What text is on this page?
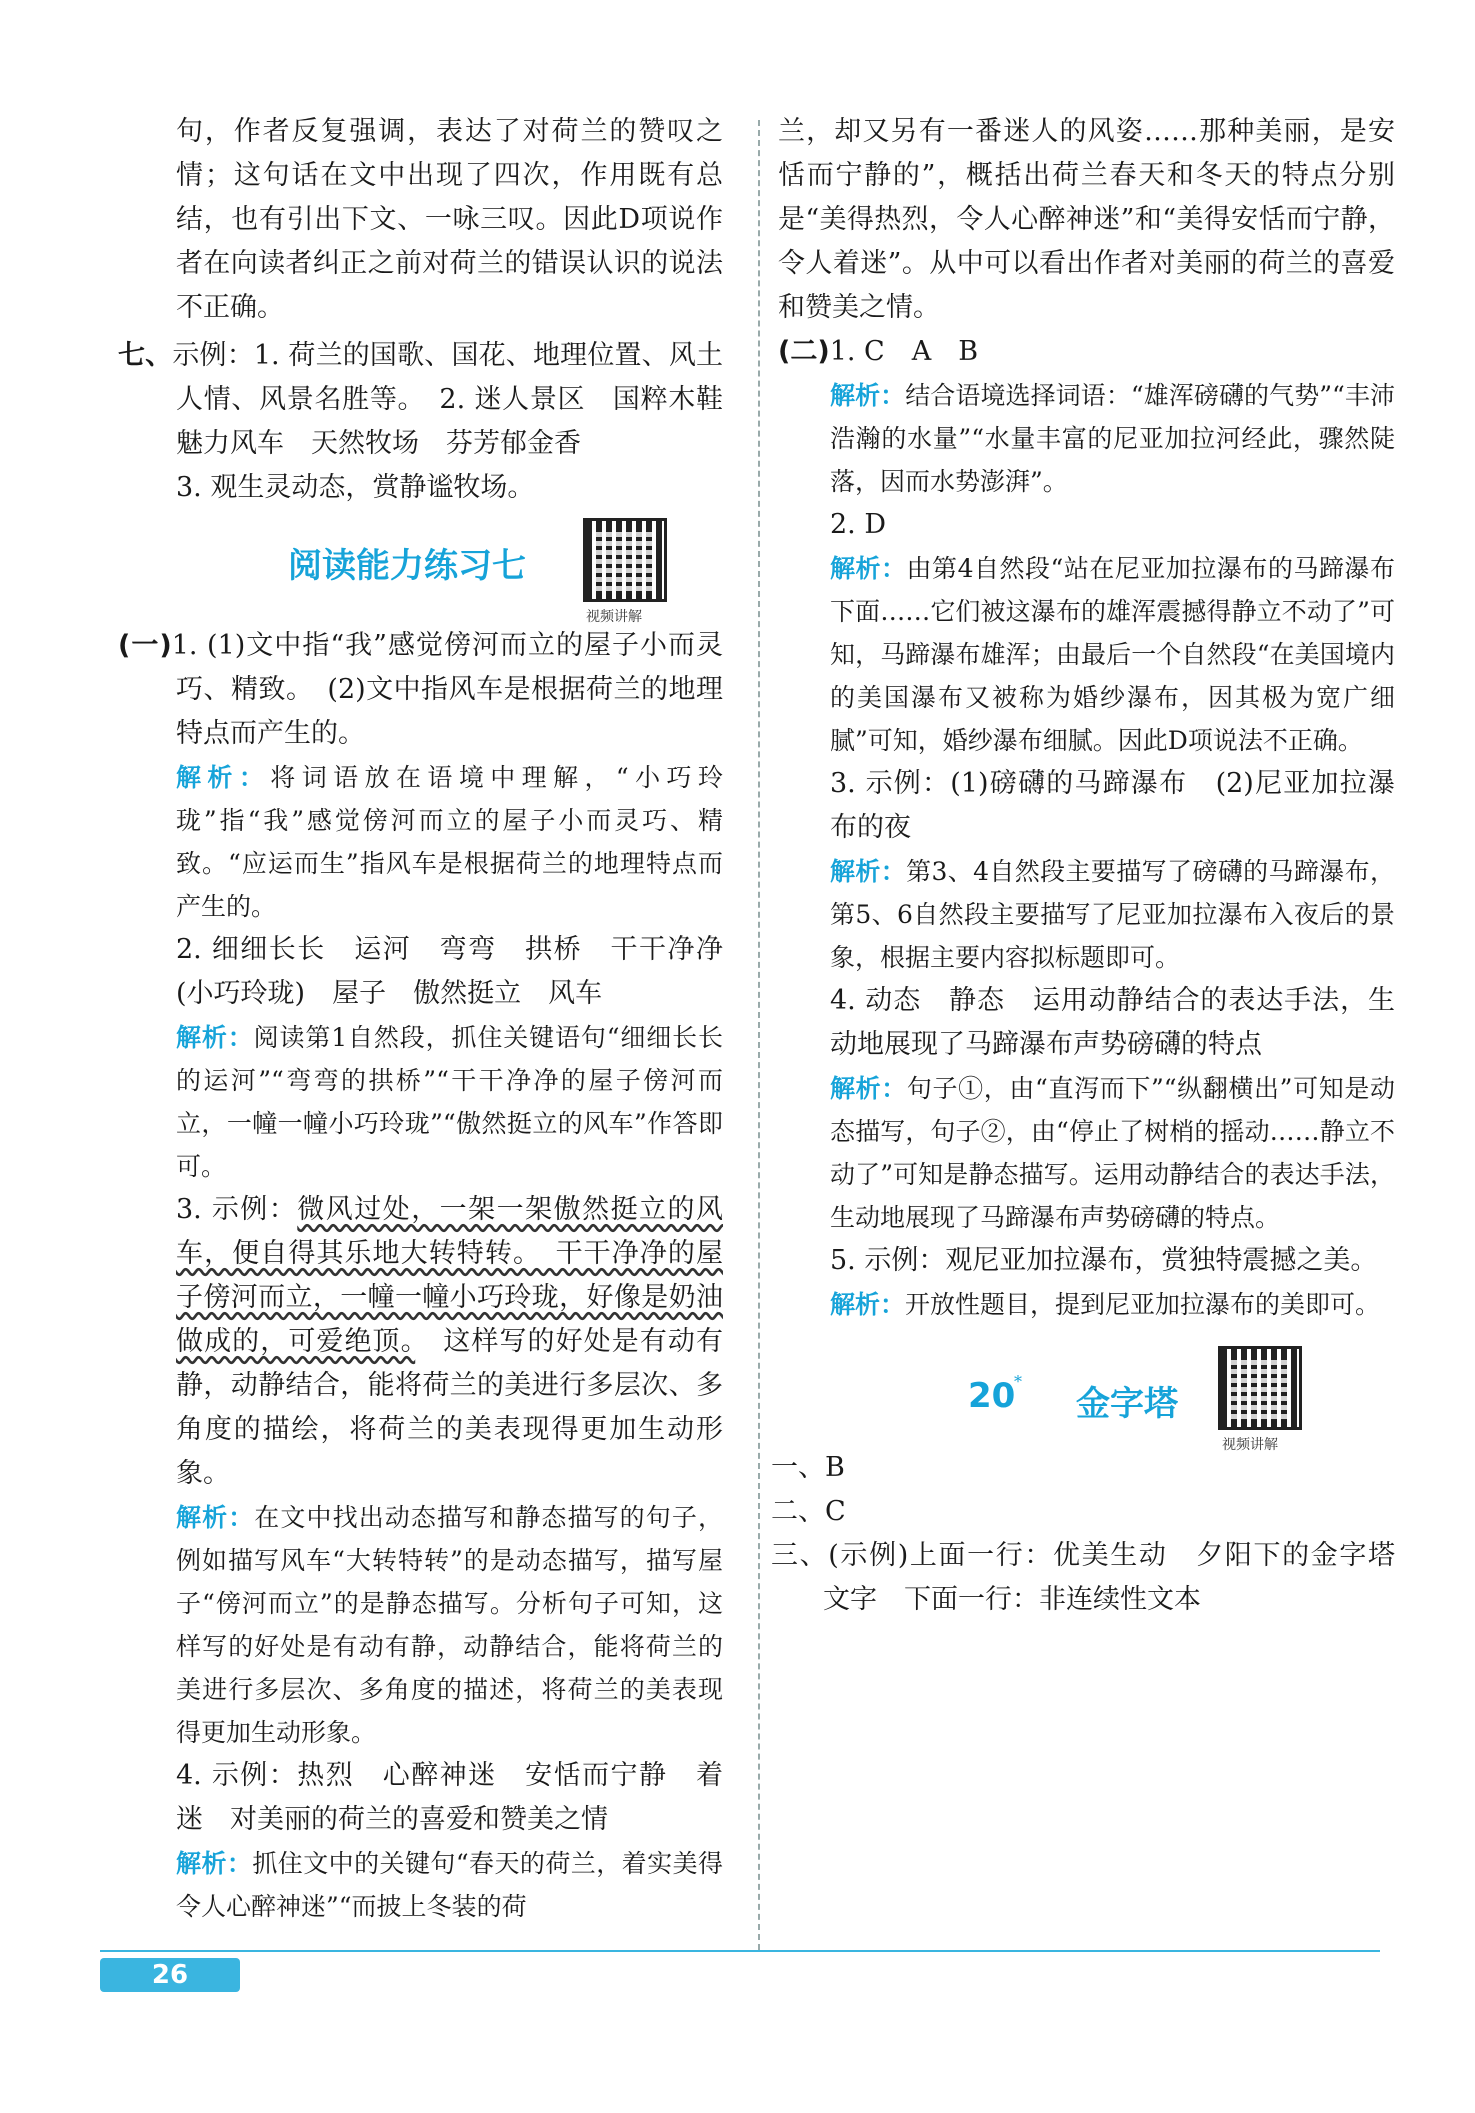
句，作者反复强调，表达了对荷兰的赞叹之情；这句话在文中出现了四次，作用既有总结，也有引出下文、一咏三叹。因此D项说作者在向读者纠正之前对荷兰的错误认识的说法不正确。

七、示例：1. 荷兰的国歌、国花、地理位置、风土人情、风景名胜等。　2. 迷人景区　国粹木鞋　魅力风车　天然牧场　芬芳郁金香

3. 观生灵动态，赏静谧牧场。

阅读能力练习七
视频讲解

(一)1. (1)文中指“我”感觉傍河而立的屋子小而灵巧、精致。　(2)文中指风车是根据荷兰的地理特点而产生的。

解析：将词语放在语境中理解，“小巧玲珑”指“我”感觉傍河而立的屋子小而灵巧、精致。“应运而生”指风车是根据荷兰的地理特点而产生的。

2. 细细长长　运河　弯弯　拱桥　干干净净(小巧玲珑)　屋子　傲然挺立　风车

解析：阅读第1自然段，抓住关键语句“细细长长的运河”“弯弯的拱桥”“干干净净的屋子傍河而立，一幢一幢小巧玲珑”“傲然挺立的风车”作答即可。

3. 示例：微风过处，一架一架傲然挺立的风车，便自得其乐地大转特转。　干干净净的屋子傍河而立，一幢一幢小巧玲珑，好像是奶油做成的，可爱绝顶。　这样写的好处是有动有静，动静结合，能将荷兰的美进行多层次、多角度的描绘，将荷兰的美表现得更加生动形象。

解析：在文中找出动态描写和静态描写的句子，例如描写风车“大转特转”的是动态描写，描写屋子“傍河而立”的是静态描写。分析句子可知，这样写的好处是有动有静，动静结合，能将荷兰的美进行多层次、多角度的描述，将荷兰的美表现得更加生动形象。

4. 示例：热烈　心醉神迷　安恬而宁静　着迷　对美丽的荷兰的喜爱和赞美之情

解析：抓住文中的关键句“春天的荷兰，着实美得令人心醉神迷”“而披上冬装的荷

兰，却又另有一番迷人的风姿……那种美丽，是安恬而宁静的”，概括出荷兰春天和冬天的特点分别是“美得热烈，令人心醉神迷”和“美得安恬而宁静，令人着迷”。从中可以看出作者对美丽的荷兰的喜爱和赞美之情。

(二)1. C　A　B

解析：结合语境选择词语：“雄浑磅礴的气势”“丰沛浩瀚的水量”“水量丰富的尼亚加拉河经此，骤然陡落，因而水势澎湃”。

2. D

解析：由第4自然段“站在尼亚加拉瀑布的马蹄瀑布下面……它们被这瀑布的雄浑震撼得静立不动了”可知，马蹄瀑布雄浑；由最后一个自然段“在美国境内的美国瀑布又被称为婚纱瀑布，因其极为宽广细腻”可知，婚纱瀑布细腻。因此D项说法不正确。

3. 示例：(1)磅礴的马蹄瀑布　(2)尼亚加拉瀑布的夜

解析：第3、4自然段主要描写了磅礴的马蹄瀑布，第5、6自然段主要描写了尼亚加拉瀑布入夜后的景象，根据主要内容拟标题即可。

4. 动态　静态　运用动静结合的表达手法，生动地展现了马蹄瀑布声势磅礴的特点

解析：句子①，由“直泻而下”“纵翻横出”可知是动态描写，句子②，由“停止了树梢的摇动……静立不动了”可知是静态描写。运用动静结合的表达手法，生动地展现了马蹄瀑布声势磅礴的特点。

5. 示例：观尼亚加拉瀑布，赏独特震撼之美。

解析：开放性题目，提到尼亚加拉瀑布的美即可。

20
*
金字塔
视频讲解

一、B

二、C

三、(示例)上面一行：优美生动　夕阳下的金字塔　文字　下面一行：非连续性文本

26
